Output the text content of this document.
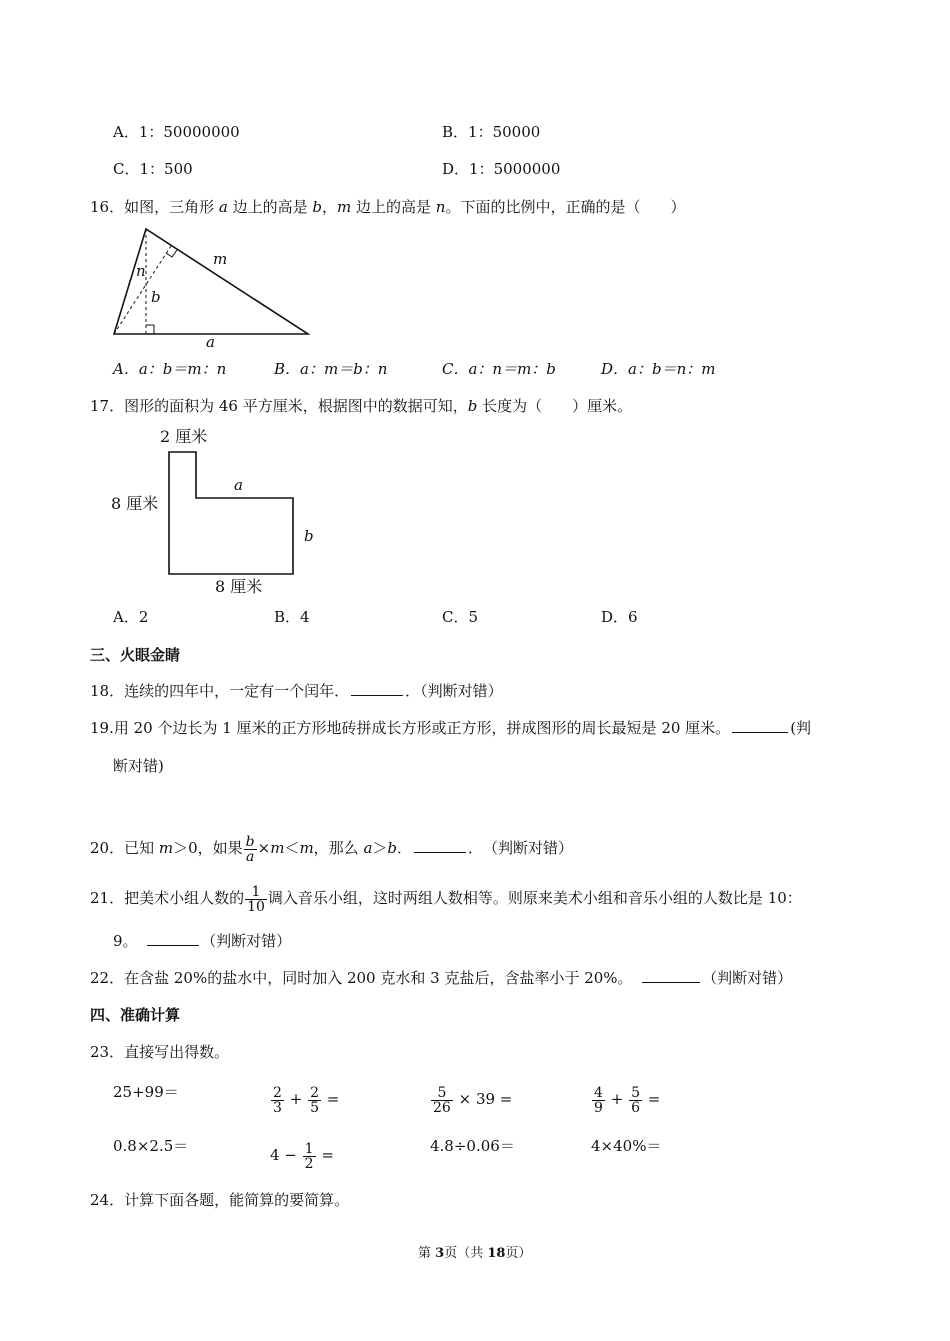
A．1：50000000	B．1：50000
C．1：500	D．1：5000000
16．如图，三角形 a 边上的高是 b，m 边上的高是 n。下面的比例中，正确的是（　　）
m
n
b
a
A．a：b＝m：n	B．a：m＝b：n	C．a：n＝m：b	D．a：b＝n：m
17．图形的面积为 46 平方厘米，根据图中的数据可知，b 长度为（　　）厘米。
2 厘米
8 厘米
a
b
8 厘米
A．2	B．4	C．5	D．6
三、火眼金睛
18．连续的四年中，一定有一个闰年．	．（判断对错）
19.用 20 个边长为 1 厘米的正方形地砖拼成长方形或正方形，拼成图形的周长最短是 20 厘米。	(判
断对错)
20．已知 m＞0，如果 $\frac{b}{a} \times m<m$，那么 a＞b．	．　（判断对错）
21．把美术小组人数的 $\frac{1}{10}$ 调入音乐小组，这时两组人数相等。则原来美术小组和音乐小组的人数比是 10：
9。　	（判断对错）
22．在含盐 20%的盐水中，同时加入 200 克水和 3 克盐后，含盐率小于 20%。　	（判断对错）
四、准确计算
23．直接写出得数。
25+99＝	$\frac{2}{3} + \frac{2}{5}$ =	$\frac{5}{26} \times 39$ =	$\frac{4}{9} + \frac{5}{6}$ =
0.8×2.5＝	$4 - \frac{1}{2}$ =	4.8÷0.06＝	4×40%＝
24．计算下面各题，能简算的要简算。
第 3页（共 18页）
